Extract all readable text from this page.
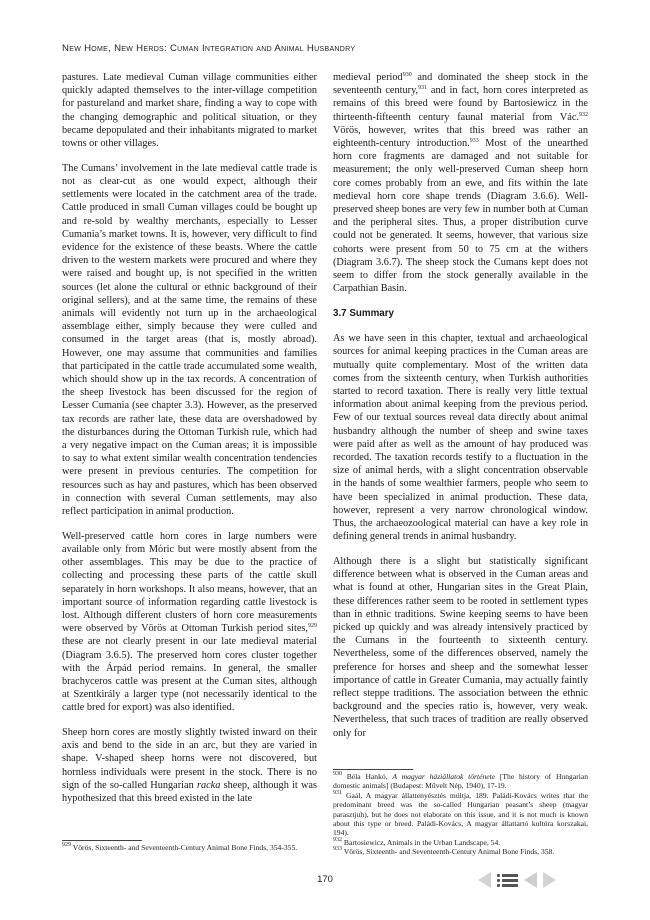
New Home, New Herds: Cuman Integration and Animal Husbandry

pastures. Late medieval Cuman village communities either quickly adapted themselves to the inter-village competition for pastureland and market share, finding a way to cope with the changing demographic and political situation, or they became depopulated and their inhabitants migrated to market towns or other villages.

The Cumans’ involvement in the late medieval cattle trade is not as clear-cut as one would expect, although their settlements were located in the catchment area of the trade. Cattle produced in small Cuman villages could be bought up and re-sold by wealthy merchants, especially to Lesser Cumania’s market towns. It is, however, very difficult to find evidence for the existence of these beasts. Where the cattle driven to the western markets were procured and where they were raised and bought up, is not specified in the written sources (let alone the cultural or ethnic background of their original sellers), and at the same time, the remains of these animals will evidently not turn up in the archaeological assemblage either, simply because they were culled and consumed in the target areas (that is, mostly abroad). However, one may assume that communities and families that participated in the cattle trade accumulated some wealth, which should show up in the tax records. A concentration of the sheep livestock has been discussed for the region of Lesser Cumania (see chapter 3.3). However, as the preserved tax records are rather late, these data are overshadowed by the disturbances during the Ottoman Turkish rule, which had a very negative impact on the Cuman areas; it is impossible to say to what extent similar wealth concentration tendencies were present in previous centuries. The competition for resources such as hay and pastures, which has been observed in connection with several Cuman settlements, may also reflect participation in animal production.

Well-preserved cattle horn cores in large numbers were available only from Mόric but were mostly absent from the other assemblages. This may be due to the practice of collecting and processing these parts of the cattle skull separately in horn workshops. It also means, however, that an important source of information regarding cattle livestock is lost. Although different clusters of horn core measurements were observed by Vörös at Ottoman Turkish period sites,$^{929}$ these are not clearly present in our late medieval material (Diagram 3.6.5). The preserved horn cores cluster together with the Árpád period remains. In general, the smaller brachyceros cattle was present at the Cuman sites, although at Szentkirály a larger type (not necessarily identical to the cattle bred for export) was also identified.

Sheep horn cores are mostly slightly twisted inward on their axis and bend to the side in an arc, but they are varied in shape. V-shaped sheep horns were not discovered, but hornless individuals were present in the stock. There is no sign of the so-called Hungarian racka sheep, although it was hypothesized that this breed existed in the late

medieval period$^{930}$ and dominated the sheep stock in the seventeenth century,$^{931}$ and in fact, horn cores interpreted as remains of this breed were found by Bartosiewicz in the thirteenth-fifteenth century faunal material from Vác.$^{932}$ Vörös, however, writes that this breed was rather an eighteenth-century introduction.$^{933}$ Most of the unearthed horn core fragments are damaged and not suitable for measurement; the only well-preserved Cuman sheep horn core comes probably from an ewe, and fits within the late medieval horn core shape trends (Diagram 3.6.6). Well-preserved sheep bones are very few in number both at Cuman and the peripheral sites. Thus, a proper distribution curve could not be generated. It seems, however, that various size cohorts were present from 50 to 75 cm at the withers (Diagram 3.6.7). The sheep stock the Cumans kept does not seem to differ from the stock generally available in the Carpathian Basin.

3.7 Summary

As we have seen in this chapter, textual and archaeological sources for animal keeping practices in the Cuman areas are mutually quite complementary. Most of the written data comes from the sixteenth century, when Turkish authorities started to record taxation. There is really very little textual information about animal keeping from the previous period. Few of our textual sources reveal data directly about animal husbandry although the number of sheep and swine taxes were paid after as well as the amount of hay produced was recorded. The taxation records testify to a fluctuation in the size of animal herds, with a slight concentration observable in the hands of some wealthier farmers, people who seem to have been specialized in animal production. These data, however, represent a very narrow chronological window. Thus, the archaeozoological material can have a key role in defining general trends in animal husbandry.

Although there is a slight but statistically significant difference between what is observed in the Cuman areas and what is found at other, Hungarian sites in the Great Plain, these differences rather seem to be rooted in settlement types than in ethnic traditions. Swine keeping seems to have been picked up quickly and was already intensively practiced by the Cumans in the fourteenth to sixteenth century. Nevertheless, some of the differences observed, namely the preference for horses and sheep and the somewhat lesser importance of cattle in Greater Cumania, may actually faintly reflect steppe traditions. The association between the ethnic background and the species ratio is, however, very weak. Nevertheless, that such traces of tradition are really observed only for

$^{929}$ Vörös, Sixteenth- and Seventeenth-Century Animal Bone Finds, 354-355.

$^{930}$ Béla Hankó, A magyar háziállatok története [The history of Hungarian domestic animals] (Budapest: Művelt Nép, 1940), 17-19.

$^{931}$ Gaál, A magyar állattenyésztés múltja, 189. Paládi-Kovács writes that the predominant breed was the so-called Hungarian peasant’s sheep (magyar parasztjuh), but he does not elaborate on this issue, and it is not much is known about this type or breed. Paládi-Kovács, A magyar állattartó kultúra korszakai, 194).

$^{932}$ Bartosiewicz, Animals in the Urban Landscape, 54.

$^{933}$ Vörös, Sixteenth- and Seventeenth-Century Animal Bone Finds, 358.

170
